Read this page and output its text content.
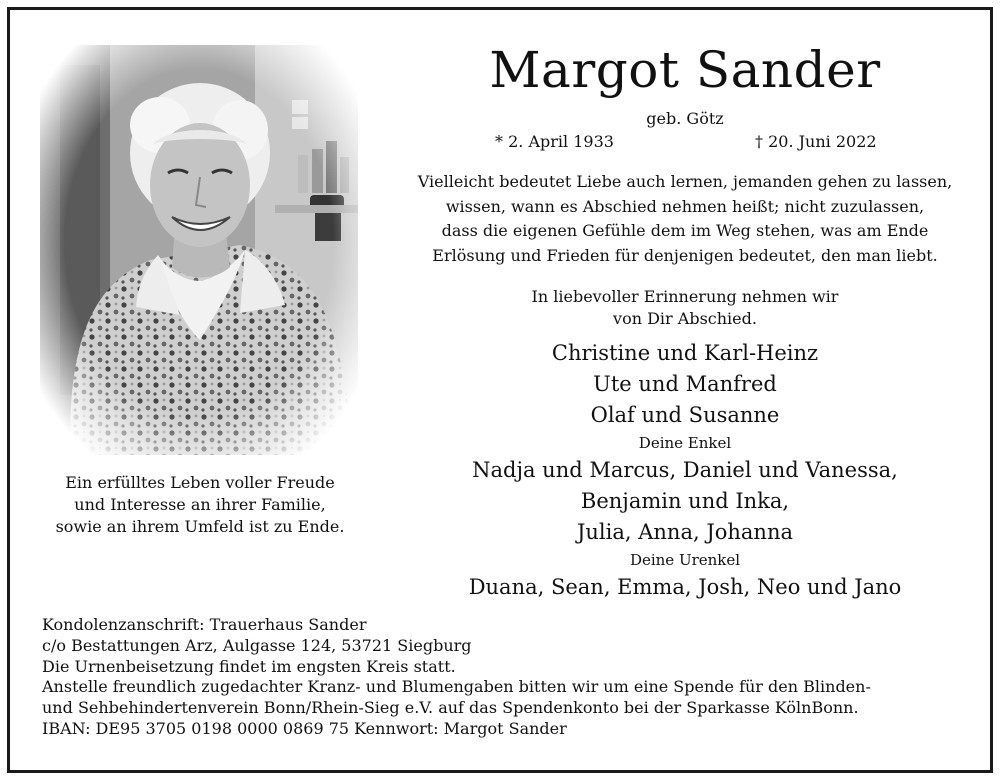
Ein erfülltes Leben voller Freude
und Interesse an ihrer Familie,
sowie an ihrem Umfeld ist zu Ende.
Margot Sander
geb. Götz
* 2. April 1933	† 20. Juni 2022
Vielleicht bedeutet Liebe auch lernen, jemanden gehen zu lassen,
wissen, wann es Abschied nehmen heißt; nicht zuzulassen,
dass die eigenen Gefühle dem im Weg stehen, was am Ende
Erlösung und Frieden für denjenigen bedeutet, den man liebt.
In liebevoller Erinnerung nehmen wir
von Dir Abschied.
Christine und Karl-Heinz
Ute und Manfred
Olaf und Susanne
Deine Enkel
Nadja und Marcus, Daniel und Vanessa,
Benjamin und Inka,
Julia, Anna, Johanna
Deine Urenkel
Duana, Sean, Emma, Josh, Neo und Jano
Kondolenzanschrift: Trauerhaus Sander
c/o Bestattungen Arz, Aulgasse 124, 53721 Siegburg
Die Urnenbeisetzung findet im engsten Kreis statt.
Anstelle freundlich zugedachter Kranz- und Blumengaben bitten wir um eine Spende für den Blinden-
und Sehbehindertenverein Bonn/Rhein-Sieg e.V. auf das Spendenkonto bei der Sparkasse KölnBonn.
IBAN: DE95 3705 0198 0000 0869 75 Kennwort: Margot Sander
